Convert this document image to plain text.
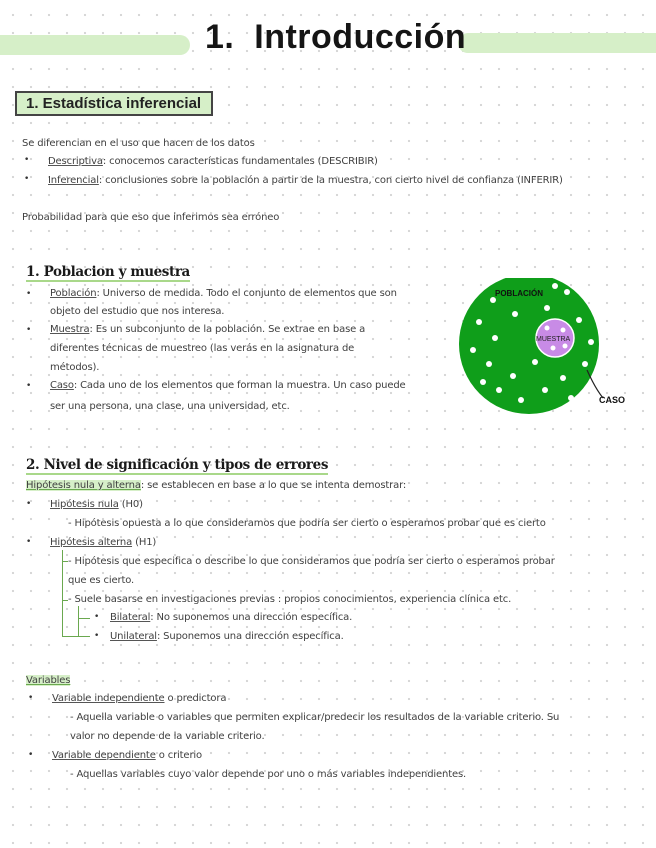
1. Introducción
1. Estadística inferencial
Se diferencian en el uso que hacen de los datos
• Descriptiva: conocemos características fundamentales (DESCRIBIR)
• Inferencial: conclusiones sobre la población a partir de la muestra, con cierto nivel de confianza (INFERIR)
Probabilidad para que eso que inferimos sea erróneo
1. Poblacion y muestra
• Población: Universo de medida. Todo el conjunto de elementos que son
objeto del estudio que nos interesa.
• Muestra: Es un subconjunto de la población. Se extrae en base a
diferentes técnicas de muestreo (las verás en la asignatura de
métodos).
• Caso: Cada uno de los elementos que forman la muestra. Un caso puede
ser una persona, una clase, una universidad, etc.
POBLACIÓN
MUESTRA
CASO
2. Nivel de significación y tipos de errores
Hipótesis nula y alterna: se establecen en base a lo que se intenta demostrar:
• Hipótesis nula (H0)
- Hipótesis opuesta a lo que consideramos que podría ser cierto o esperamos probar que es cierto
• Hipótesis alterna (H1)
- Hipótesis que especifica o describe lo que consideramos que podría ser cierto o esperamos probar
que es cierto.
- Suele basarse en investigaciones previas : propios conocimientos, experiencia clínica etc.
• Bilateral: No suponemos una dirección específica.
• Unilateral: Suponemos una dirección específica.
Variables
• Variable independiente o predictora
- Aquella variable o variables que permiten explicar/predecir los resultados de la variable criterio. Su
valor no depende de la variable criterio.
• Variable dependiente o criterio
- Aquellas variables cuyo valor depende por uno o más variables independientes.
